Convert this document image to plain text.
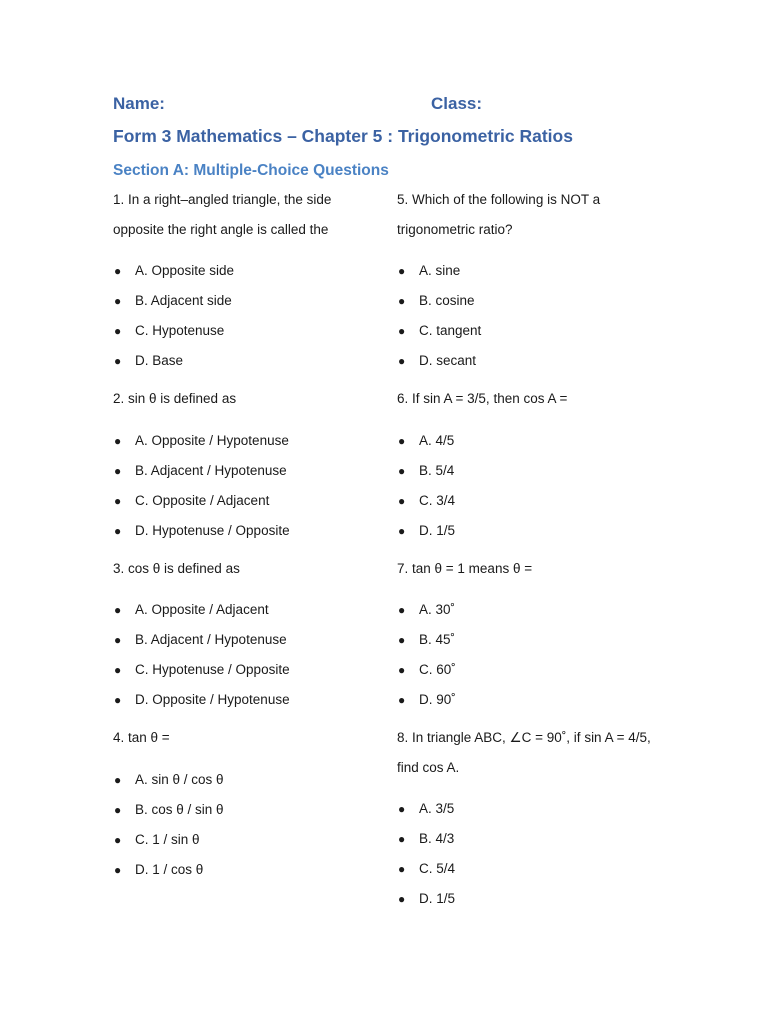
Name:	Class:
Form 3 Mathematics – Chapter 5 : Trigonometric Ratios
Section A: Multiple-Choice Questions

1. In a right–angled triangle, the side opposite the right angle is called the

● A. Opposite side
● B. Adjacent side
● C. Hypotenuse
● D. Base

2. sin θ is defined as

● A. Opposite / Hypotenuse
● B. Adjacent / Hypotenuse
● C. Opposite / Adjacent
● D. Hypotenuse / Opposite

3. cos θ is defined as

● A. Opposite / Adjacent
● B. Adjacent / Hypotenuse
● C. Hypotenuse / Opposite
● D. Opposite / Hypotenuse

4. tan θ =

● A. sin θ / cos θ
● B. cos θ / sin θ
● C. 1 / sin θ
● D. 1 / cos θ

5. Which of the following is NOT a trigonometric ratio?

● A. sine
● B. cosine
● C. tangent
● D. secant

6. If sin A = 3/5, then cos A =

● A. 4/5
● B. 5/4
● C. 3/4
● D. 1/5

7. tan θ = 1 means θ =

● A. 30˚
● B. 45˚
● C. 60˚
● D. 90˚

8. In triangle ABC, ∠C = 90˚, if sin A = 4/5, find cos A.

● A. 3/5
● B. 4/3
● C. 5/4
● D. 1/5
